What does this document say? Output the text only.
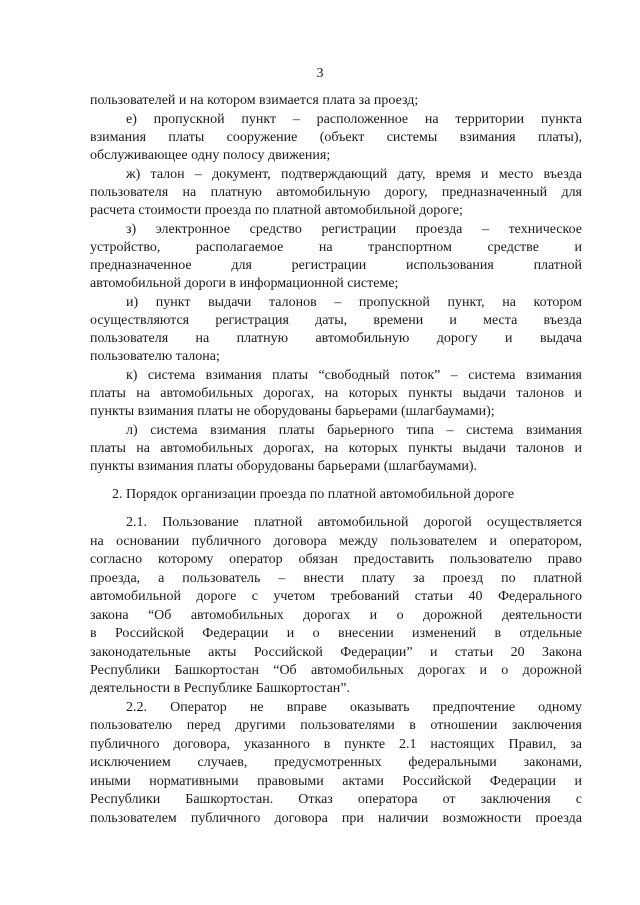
3
пользователей и на котором взимается плата за проезд;
е) пропускной пункт – расположенное на территории пункта
взимания платы сооружение (объект системы взимания платы),
обслуживающее одну полосу движения;
ж) талон – документ, подтверждающий дату, время и место въезда
пользователя на платную автомобильную дорогу, предназначенный для
расчета стоимости проезда по платной автомобильной дороге;
з) электронное средство регистрации проезда – техническое
устройство, располагаемое на транспортном средстве и
предназначенное для регистрации использования платной
автомобильной дороги в информационной системе;
и) пункт выдачи талонов – пропускной пункт, на котором
осуществляются регистрация даты, времени и места въезда
пользователя на платную автомобильную дорогу и выдача
пользователю талона;
к) система взимания платы “свободный поток” – система взимания
платы на автомобильных дорогах, на которых пункты выдачи талонов и
пункты взимания платы не оборудованы барьерами (шлагбаумами);
л) система взимания платы барьерного типа – система взимания
платы на автомобильных дорогах, на которых пункты выдачи талонов и
пункты взимания платы оборудованы барьерами (шлагбаумами).
2. Порядок организации проезда по платной автомобильной дороге
2.1. Пользование платной автомобильной дорогой осуществляется
на основании публичного договора между пользователем и оператором,
согласно которому оператор обязан предоставить пользователю право
проезда, а пользователь – внести плату за проезд по платной
автомобильной дороге с учетом требований статьи 40 Федерального
закона “Об автомобильных дорогах и о дорожной деятельности
в Российской Федерации и о внесении изменений в отдельные
законодательные акты Российской Федерации” и статьи 20 Закона
Республики Башкортостан “Об автомобильных дорогах и о дорожной
деятельности в Республике Башкортостан”.
2.2. Оператор не вправе оказывать предпочтение одному
пользователю перед другими пользователями в отношении заключения
публичного договора, указанного в пункте 2.1 настоящих Правил, за
исключением случаев, предусмотренных федеральными законами,
иными нормативными правовыми актами Российской Федерации и
Республики Башкортостан. Отказ оператора от заключения с
пользователем публичного договора при наличии возможности проезда
